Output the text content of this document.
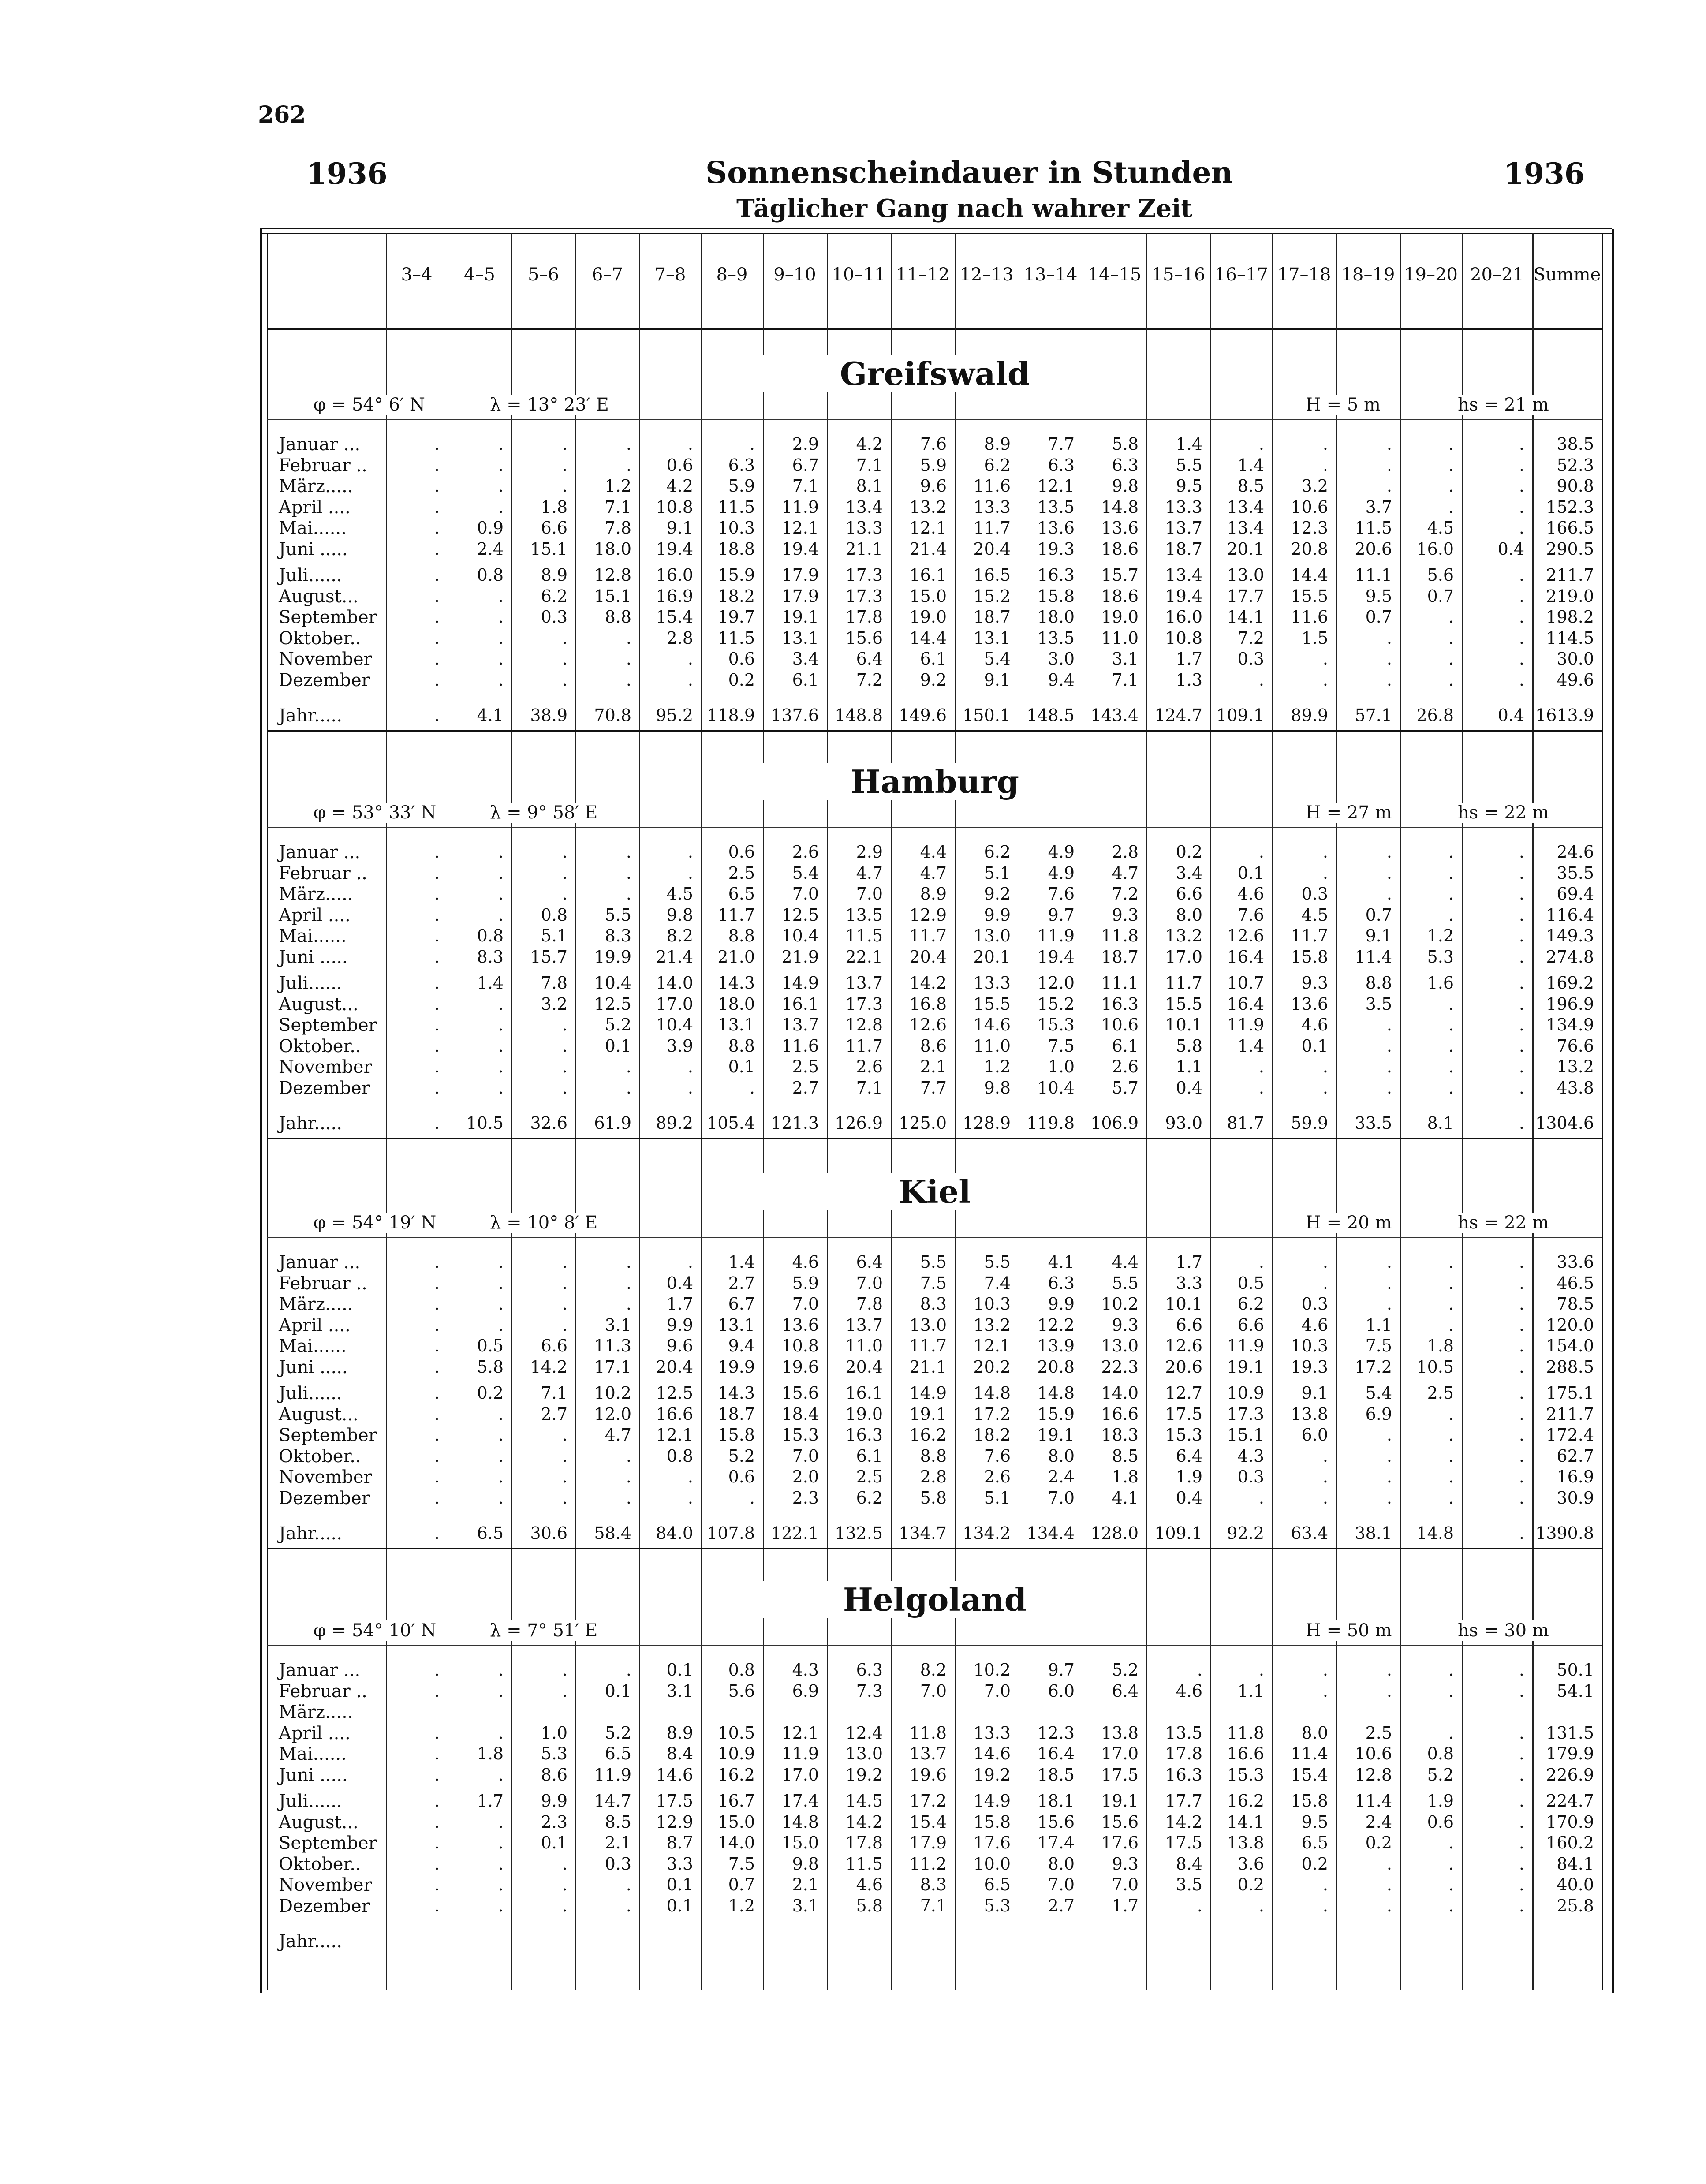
262
1936	Sonnenscheindauer in Stunden	1936
Täglicher Gang nach wahrer Zeit
3–4	4–5	5–6	6–7	7–8	8–9	9–10 10–11 11–12 12–13 13–14 14–15 15–16 16–17 17–18 18–19 19–20 20–21 Summe
Greifswald
φ = 54° 6′ N	λ = 13° 23′ E	H = 5 m	hs = 21 m
Januar ...	.	.	.	.	.	.	2.9	4.2	7.6	8.9	7.7	5.8	1.4	.	.	.	.	.	38.5
Februar ..	.	.	.	.	0.6	6.3	6.7	7.1	5.9	6.2	6.3	6.3	5.5	1.4	.	.	.	.	52.3
März.....	.	.	.	1.2	4.2	5.9	7.1	8.1	9.6	11.6	12.1	9.8	9.5	8.5	3.2	.	.	.	90.8
April ....	.	.	1.8	7.1	10.8	11.5	11.9	13.4	13.2	13.3	13.5	14.8	13.3	13.4	10.6	3.7	.	.	152.3
Mai......	.	0.9	6.6	7.8	9.1	10.3	12.1	13.3	12.1	11.7	13.6	13.6	13.7	13.4	12.3	11.5	4.5	.	166.5
Juni .....	.	2.4	15.1	18.0	19.4	18.8	19.4	21.1	21.4	20.4	19.3	18.6	18.7	20.1	20.8	20.6	16.0	0.4	290.5
Juli......	.	0.8	8.9	12.8	16.0	15.9	17.9	17.3	16.1	16.5	16.3	15.7	13.4	13.0	14.4	11.1	5.6	.	211.7
August...	.	.	6.2	15.1	16.9	18.2	17.9	17.3	15.0	15.2	15.8	18.6	19.4	17.7	15.5	9.5	0.7	.	219.0
September	.	.	0.3	8.8	15.4	19.7	19.1	17.8	19.0	18.7	18.0	19.0	16.0	14.1	11.6	0.7	.	.	198.2
Oktober..	.	.	.	.	2.8	11.5	13.1	15.6	14.4	13.1	13.5	11.0	10.8	7.2	1.5	.	.	.	114.5
November	.	.	.	.	.	0.6	3.4	6.4	6.1	5.4	3.0	3.1	1.7	0.3	.	.	.	.	30.0
Dezember	.	.	.	.	.	0.2	6.1	7.2	9.2	9.1	9.4	7.1	1.3	.	.	.	.	.	49.6
Jahr.....	.	4.1	38.9	70.8	95.2 118.9 137.6 148.8 149.6 150.1 148.5 143.4 124.7 109.1	89.9	57.1	26.8	0.4 1613.9
Hamburg
φ = 53° 33′ N	λ = 9° 58′ E	H = 27 m	hs = 22 m
Januar ...	.	.	.	.	.	0.6	2.6	2.9	4.4	6.2	4.9	2.8	0.2	.	.	.	.	.	24.6
Februar ..	.	.	.	.	.	2.5	5.4	4.7	4.7	5.1	4.9	4.7	3.4	0.1	.	.	.	.	35.5
März.....	.	.	.	.	4.5	6.5	7.0	7.0	8.9	9.2	7.6	7.2	6.6	4.6	0.3	.	.	.	69.4
April ....	.	.	0.8	5.5	9.8	11.7	12.5	13.5	12.9	9.9	9.7	9.3	8.0	7.6	4.5	0.7	.	.	116.4
Mai......	.	0.8	5.1	8.3	8.2	8.8	10.4	11.5	11.7	13.0	11.9	11.8	13.2	12.6	11.7	9.1	1.2	.	149.3
Juni .....	.	8.3	15.7	19.9	21.4	21.0	21.9	22.1	20.4	20.1	19.4	18.7	17.0	16.4	15.8	11.4	5.3	.	274.8
Juli......	.	1.4	7.8	10.4	14.0	14.3	14.9	13.7	14.2	13.3	12.0	11.1	11.7	10.7	9.3	8.8	1.6	.	169.2
August...	.	.	3.2	12.5	17.0	18.0	16.1	17.3	16.8	15.5	15.2	16.3	15.5	16.4	13.6	3.5	.	.	196.9
September	.	.	.	5.2	10.4	13.1	13.7	12.8	12.6	14.6	15.3	10.6	10.1	11.9	4.6	.	.	.	134.9
Oktober..	.	.	.	0.1	3.9	8.8	11.6	11.7	8.6	11.0	7.5	6.1	5.8	1.4	0.1	.	.	.	76.6
November	.	.	.	.	.	0.1	2.5	2.6	2.1	1.2	1.0	2.6	1.1	.	.	.	.	.	13.2
Dezember	.	.	.	.	.	.	2.7	7.1	7.7	9.8	10.4	5.7	0.4	.	.	.	.	.	43.8
Jahr.....	.	10.5	32.6	61.9	89.2 105.4 121.3 126.9 125.0 128.9 119.8 106.9	93.0	81.7	59.9	33.5	8.1	. 1304.6
Kiel
φ = 54° 19′ N	λ = 10° 8′ E	H = 20 m	hs = 22 m
Januar ...	.	.	.	.	.	1.4	4.6	6.4	5.5	5.5	4.1	4.4	1.7	.	.	.	.	.	33.6
Februar ..	.	.	.	.	0.4	2.7	5.9	7.0	7.5	7.4	6.3	5.5	3.3	0.5	.	.	.	.	46.5
März.....	.	.	.	.	1.7	6.7	7.0	7.8	8.3	10.3	9.9	10.2	10.1	6.2	0.3	.	.	.	78.5
April ....	.	.	.	3.1	9.9	13.1	13.6	13.7	13.0	13.2	12.2	9.3	6.6	6.6	4.6	1.1	.	.	120.0
Mai......	.	0.5	6.6	11.3	9.6	9.4	10.8	11.0	11.7	12.1	13.9	13.0	12.6	11.9	10.3	7.5	1.8	.	154.0
Juni .....	.	5.8	14.2	17.1	20.4	19.9	19.6	20.4	21.1	20.2	20.8	22.3	20.6	19.1	19.3	17.2	10.5	.	288.5
Juli......	.	0.2	7.1	10.2	12.5	14.3	15.6	16.1	14.9	14.8	14.8	14.0	12.7	10.9	9.1	5.4	2.5	.	175.1
August...	.	.	2.7	12.0	16.6	18.7	18.4	19.0	19.1	17.2	15.9	16.6	17.5	17.3	13.8	6.9	.	.	211.7
September	.	.	.	4.7	12.1	15.8	15.3	16.3	16.2	18.2	19.1	18.3	15.3	15.1	6.0	.	.	.	172.4
Oktober..	.	.	.	.	0.8	5.2	7.0	6.1	8.8	7.6	8.0	8.5	6.4	4.3	.	.	.	.	62.7
November	.	.	.	.	.	0.6	2.0	2.5	2.8	2.6	2.4	1.8	1.9	0.3	.	.	.	.	16.9
Dezember	.	.	.	.	.	.	2.3	6.2	5.8	5.1	7.0	4.1	0.4	.	.	.	.	.	30.9
Jahr.....	.	6.5	30.6	58.4	84.0 107.8 122.1 132.5 134.7 134.2 134.4 128.0 109.1	92.2	63.4	38.1	14.8	. 1390.8
Helgoland
φ = 54° 10′ N	λ = 7° 51′ E	H = 50 m	hs = 30 m
Januar ...	.	.	.	.	0.1	0.8	4.3	6.3	8.2	10.2	9.7	5.2	.	.	.	.	.	.	50.1
Februar ..	.	.	.	0.1	3.1	5.6	6.9	7.3	7.0	7.0	6.0	6.4	4.6	1.1	.	.	.	.	54.1
März.....
April ....	.	.	1.0	5.2	8.9	10.5	12.1	12.4	11.8	13.3	12.3	13.8	13.5	11.8	8.0	2.5	.	.	131.5
Mai......	.	1.8	5.3	6.5	8.4	10.9	11.9	13.0	13.7	14.6	16.4	17.0	17.8	16.6	11.4	10.6	0.8	.	179.9
Juni .....	.	.	8.6	11.9	14.6	16.2	17.0	19.2	19.6	19.2	18.5	17.5	16.3	15.3	15.4	12.8	5.2	.	226.9
Juli......	.	1.7	9.9	14.7	17.5	16.7	17.4	14.5	17.2	14.9	18.1	19.1	17.7	16.2	15.8	11.4	1.9	.	224.7
August...	.	.	2.3	8.5	12.9	15.0	14.8	14.2	15.4	15.8	15.6	15.6	14.2	14.1	9.5	2.4	0.6	.	170.9
September	.	.	0.1	2.1	8.7	14.0	15.0	17.8	17.9	17.6	17.4	17.6	17.5	13.8	6.5	0.2	.	.	160.2
Oktober..	.	.	.	0.3	3.3	7.5	9.8	11.5	11.2	10.0	8.0	9.3	8.4	3.6	0.2	.	.	.	84.1
November	.	.	.	.	0.1	0.7	2.1	4.6	8.3	6.5	7.0	7.0	3.5	0.2	.	.	.	.	40.0
Dezember	.	.	.	.	0.1	1.2	3.1	5.8	7.1	5.3	2.7	1.7	.	.	.	.	.	.	25.8
Jahr.....
